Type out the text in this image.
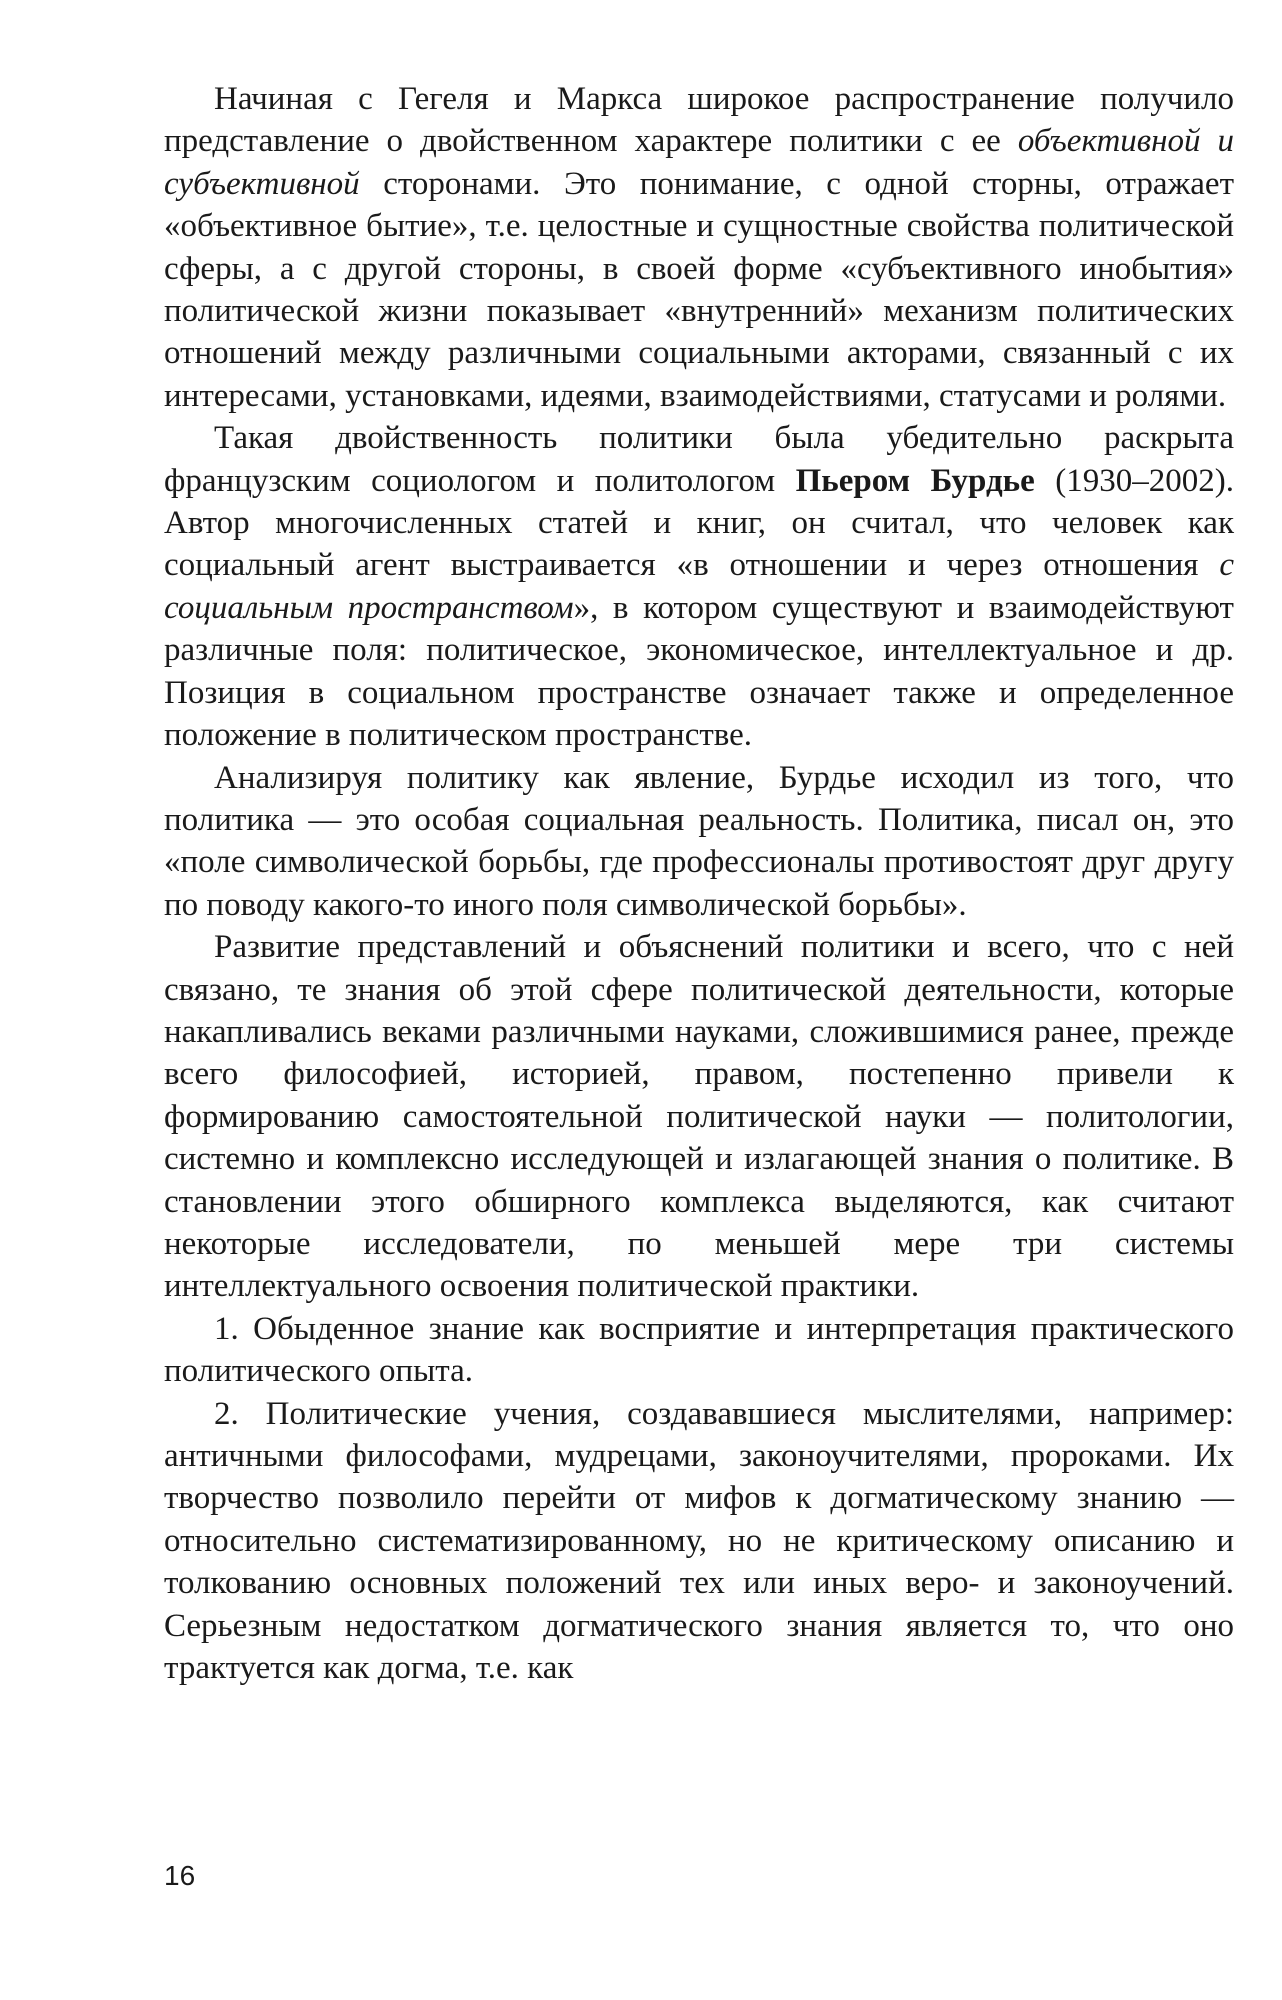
Начиная с Гегеля и Маркса широкое распространение получило представление о двойственном характере политики с ее объективной и субъективной сторонами. Это понимание, с одной сторны, отражает «объективное бытие», т.е. целостные и сущностные свойства политической сферы, а с другой стороны, в своей форме «субъективного инобытия» политической жизни показывает «внутренний» механизм политических отношений между различными социальными акторами, связанный с их интересами, установками, идеями, взаимодействиями, статусами и ролями.

Такая двойственность политики была убедительно раскрыта французским социологом и политологом Пьером Бурдье (1930–2002). Автор многочисленных статей и книг, он считал, что человек как социальный агент выстраивается «в отношении и через отношения с социальным пространством», в котором существуют и взаимодействуют различные поля: политическое, экономическое, интеллектуальное и др. Позиция в социальном пространстве означает также и определенное положение в политическом пространстве.

Анализируя политику как явление, Бурдье исходил из того, что политика — это особая социальная реальность. Политика, писал он, это «поле символической борьбы, где профессионалы противостоят друг другу по поводу какого-то иного поля символической борьбы».

Развитие представлений и объяснений политики и всего, что с ней связано, те знания об этой сфере политической деятельности, которые накапливались веками различными науками, сложившимися ранее, прежде всего философией, историей, правом, постепенно привели к формированию самостоятельной политической науки — политологии, системно и комплексно исследующей и излагающей знания о политике. В становлении этого обширного комплекса выделяются, как считают некоторые исследователи, по меньшей мере три системы интеллектуального освоения политической практики.

1. Обыденное знание как восприятие и интерпретация практического политического опыта.

2. Политические учения, создававшиеся мыслителями, например: античными философами, мудрецами, законоучителями, пророками. Их творчество позволило перейти от мифов к догматическому знанию — относительно систематизированному, но не критическому описанию и толкованию основных положений тех или иных веро- и законоучений. Серьезным недостатком догматического знания является то, что оно трактуется как догма, т.е. как

16
